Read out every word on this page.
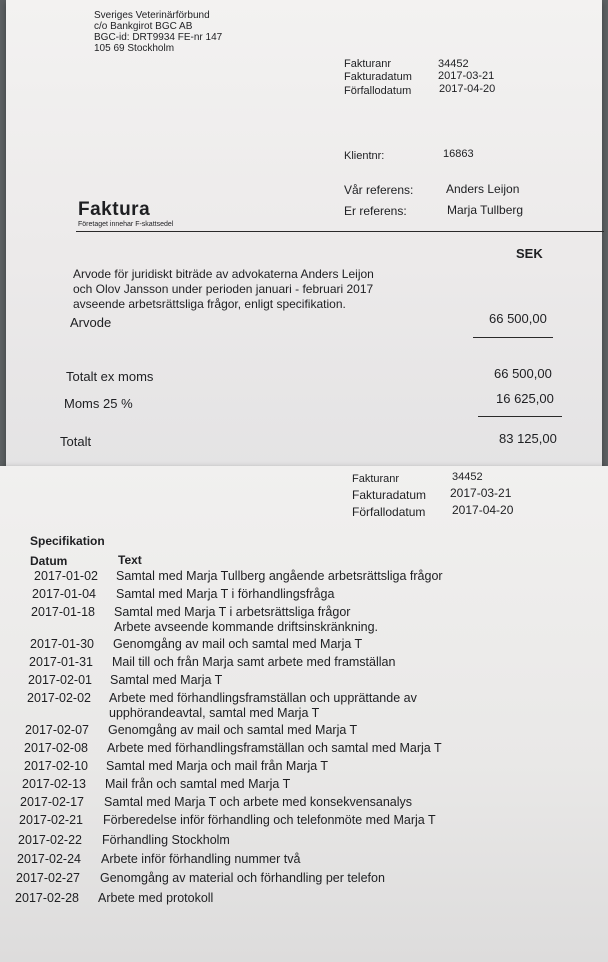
Sveriges Veterinärförbund
c/o Bankgirot BGC AB
BGC-id: DRT9934 FE-nr 147
105 69 Stockholm
Fakturanr	34452
Fakturadatum 2017-03-21
Förfallodatum	2017-04-20
Klientnr:	16863
Vår referens:	Anders Leijon
Er referens:	Marja Tullberg
Faktura
Företaget innehar F-skattsedel
SEK
Arvode för juridiskt biträde av advokaterna Anders Leijon
och Olov Jansson under perioden januari - februari 2017
avseende arbetsrättsliga frågor, enligt specifikation.
Arvode	66 500,00
Totalt ex moms	66 500,00
Moms 25 %	16 625,00
Totalt	83 125,00
Fakturanr	34452
Fakturadatum 2017-03-21
Förfallodatum 2017-04-20
Specifikation
Datum	Text
2017-01-02 Samtal med Marja Tullberg angående arbetsrättsliga frågor
2017-01-04 Samtal med Marja T i förhandlingsfråga
2017-01-18 Samtal med Marja T i arbetsrättsliga frågor
Arbete avseende kommande driftsinskränkning.
2017-01-30 Genomgång av mail och samtal med Marja T
2017-01-31 Mail till och från Marja samt arbete med framställan
2017-02-01 Samtal med Marja T
2017-02-02 Arbete med förhandlingsframställan och upprättande av
upphörandeavtal, samtal med Marja T
2017-02-07 Genomgång av mail och samtal med Marja T
2017-02-08 Arbete med förhandlingsframställan och samtal med Marja T
2017-02-10 Samtal med Marja och mail från Marja T
2017-02-13 Mail från och samtal med Marja T
2017-02-17 Samtal med Marja T och arbete med konsekvensanalys
2017-02-21 Förberedelse inför förhandling och telefonmöte med Marja T
2017-02-22 Förhandling Stockholm
2017-02-24 Arbete inför förhandling nummer två
2017-02-27 Genomgång av material och förhandling per telefon
2017-02-28 Arbete med protokoll
